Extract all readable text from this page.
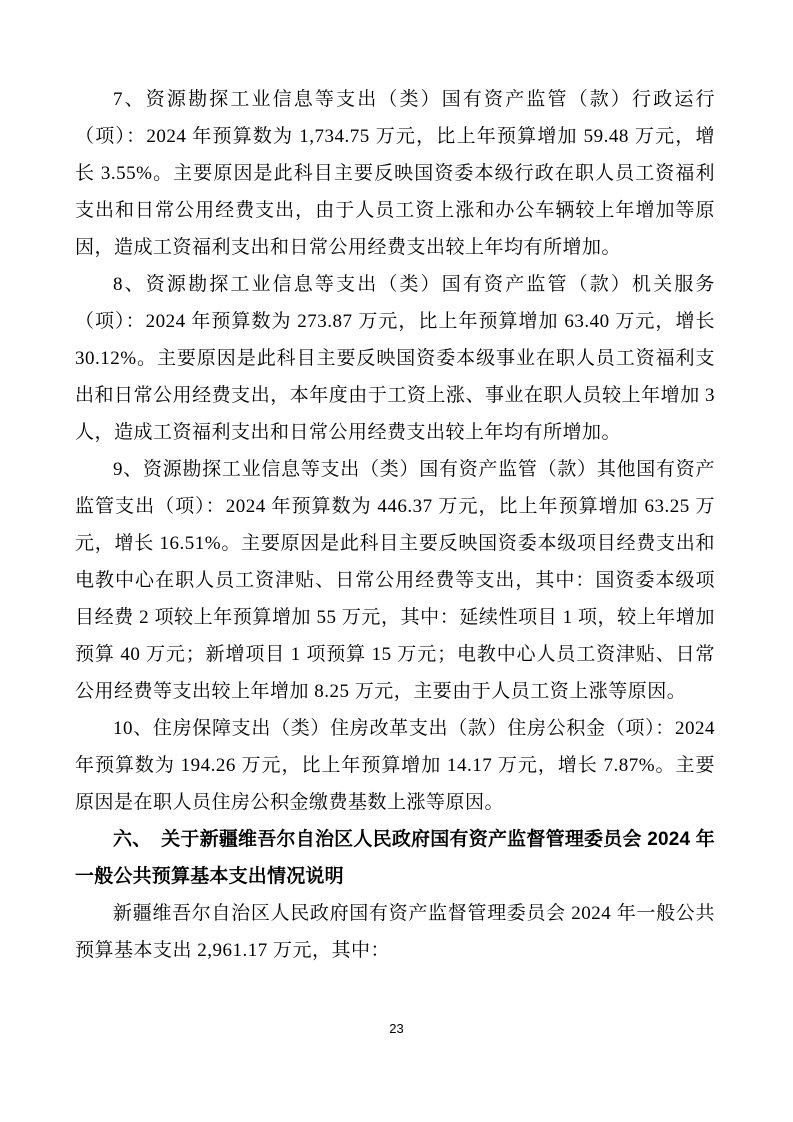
7、资源勘探工业信息等支出（类）国有资产监管（款）行政运行（项）：2024 年预算数为 1,734.75 万元，比上年预算增加 59.48 万元，增长 3.55%。主要原因是此科目主要反映国资委本级行政在职人员工资福利支出和日常公用经费支出，由于人员工资上涨和办公车辆较上年增加等原因，造成工资福利支出和日常公用经费支出较上年均有所增加。

8、资源勘探工业信息等支出（类）国有资产监管（款）机关服务（项）：2024 年预算数为 273.87 万元，比上年预算增加 63.40 万元，增长 30.12%。主要原因是此科目主要反映国资委本级事业在职人员工资福利支出和日常公用经费支出，本年度由于工资上涨、事业在职人员较上年增加 3 人，造成工资福利支出和日常公用经费支出较上年均有所增加。

9、资源勘探工业信息等支出（类）国有资产监管（款）其他国有资产监管支出（项）：2024 年预算数为 446.37 万元，比上年预算增加 63.25 万元，增长 16.51%。主要原因是此科目主要反映国资委本级项目经费支出和电教中心在职人员工资津贴、日常公用经费等支出，其中：国资委本级项目经费 2 项较上年预算增加 55 万元，其中：延续性项目 1 项，较上年增加预算 40 万元；新增项目 1 项预算 15 万元；电教中心人员工资津贴、日常公用经费等支出较上年增加 8.25 万元，主要由于人员工资上涨等原因。

10、住房保障支出（类）住房改革支出（款）住房公积金（项）：2024 年预算数为 194.26 万元，比上年预算增加 14.17 万元，增长 7.87%。主要原因是在职人员住房公积金缴费基数上涨等原因。

六、　关于新疆维吾尔自治区人民政府国有资产监督管理委员会 2024 年一般公共预算基本支出情况说明

新疆维吾尔自治区人民政府国有资产监督管理委员会 2024 年一般公共预算基本支出 2,961.17 万元，其中：

23
